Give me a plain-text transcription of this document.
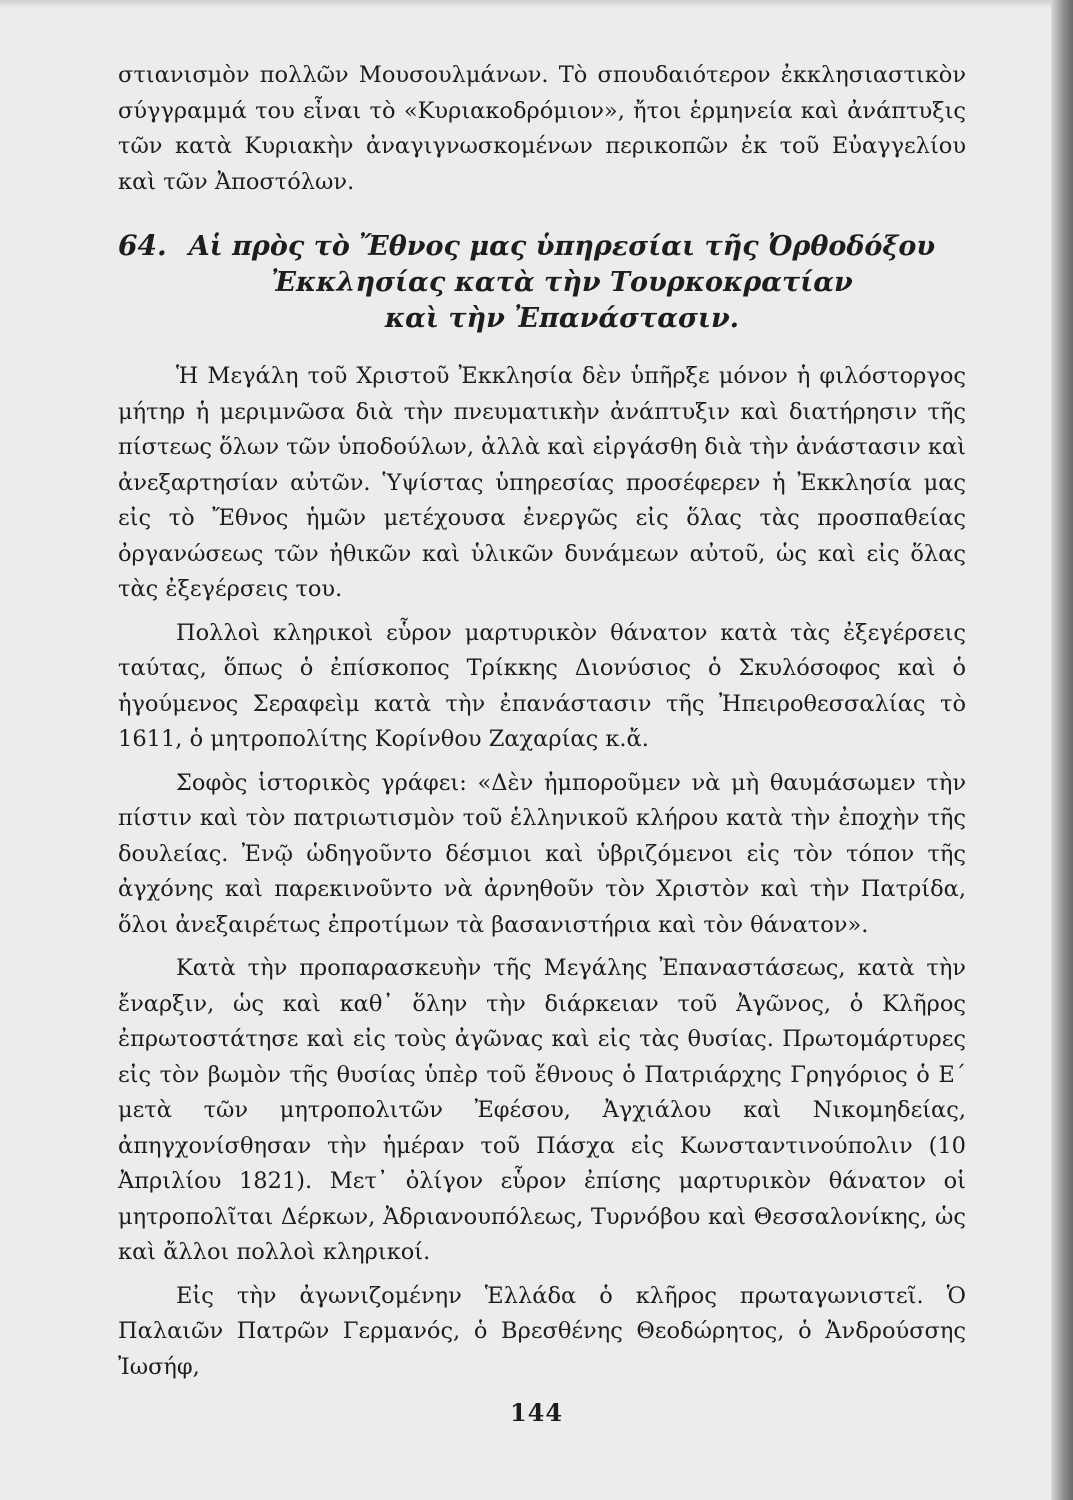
στιανισμὸν πολλῶν Μουσουλμάνων. Τὸ σπουδαιότερον ἐκκλησιαστικὸν σύγγραμμά του εἶναι τὸ «Κυριακοδρόμιον», ἤτοι ἑρμηνεία καὶ ἀνάπτυξις τῶν κατὰ Κυριακὴν ἀναγιγνωσκομένων περικοπῶν ἐκ τοῦ Εὐαγγελίου καὶ τῶν Ἀποστόλων.

64. Αἱ πρὸς τὸ Ἔθνος μας ὑπηρεσίαι τῆς Ὀρθοδόξου
Ἐκκλησίας κατὰ τὴν Τουρκοκρατίαν
καὶ τὴν Ἐπανάστασιν.

Ἡ Μεγάλη τοῦ Χριστοῦ Ἐκκλησία δὲν ὑπῆρξε μόνον ἡ φιλόστοργος μήτηρ ἡ μεριμνῶσα διὰ τὴν πνευματικὴν ἀνάπτυξιν καὶ διατήρησιν τῆς πίστεως ὅλων τῶν ὑποδούλων, ἀλλὰ καὶ εἰργάσθη διὰ τὴν ἀνάστασιν καὶ ἀνεξαρτησίαν αὐτῶν. Ὑψίστας ὑπηρεσίας προσέφερεν ἡ Ἐκκλησία μας εἰς τὸ Ἔθνος ἡμῶν μετέχουσα ἐνεργῶς εἰς ὅλας τὰς προσπαθείας ὀργανώσεως τῶν ἠθικῶν καὶ ὑλικῶν δυνάμεων αὐτοῦ, ὡς καὶ εἰς ὅλας τὰς ἐξεγέρσεις του.

Πολλοὶ κληρικοὶ εὗρον μαρτυρικὸν θάνατον κατὰ τὰς ἐξεγέρσεις ταύτας, ὅπως ὁ ἐπίσκοπος Τρίκκης Διονύσιος ὁ Σκυλόσοφος καὶ ὁ ἡγούμενος Σεραφεὶμ κατὰ τὴν ἐπανάστασιν τῆς Ἠπειροθεσσαλίας τὸ 1611, ὁ μητροπολίτης Κορίνθου Ζαχαρίας κ.ἄ.

Σοφὸς ἱστορικὸς γράφει: «Δὲν ἠμποροῦμεν νὰ μὴ θαυμάσωμεν τὴν πίστιν καὶ τὸν πατριωτισμὸν τοῦ ἑλληνικοῦ κλήρου κατὰ τὴν ἐποχὴν τῆς δουλείας. Ἐνῷ ὡδηγοῦντο δέσμιοι καὶ ὑβριζόμενοι εἰς τὸν τόπον τῆς ἀγχόνης καὶ παρεκινοῦντο νὰ ἀρνηθοῦν τὸν Χριστὸν καὶ τὴν Πατρίδα, ὅλοι ἀνεξαιρέτως ἐπροτίμων τὰ βασανιστήρια καὶ τὸν θάνατον».

Κατὰ τὴν προπαρασκευὴν τῆς Μεγάλης Ἐπαναστάσεως, κατὰ τὴν ἔναρξιν, ὡς καὶ καθ᾽ ὅλην τὴν διάρκειαν τοῦ Ἀγῶνος, ὁ Κλῆρος ἐπρωτοστάτησε καὶ εἰς τοὺς ἀγῶνας καὶ εἰς τὰς θυσίας. Πρωτομάρτυρες εἰς τὸν βωμὸν τῆς θυσίας ὑπὲρ τοῦ ἔθνους ὁ Πατριάρχης Γρηγόριος ὁ Ε΄ μετὰ τῶν μητροπολιτῶν Ἐφέσου, Ἀγχιάλου καὶ Νικομηδείας, ἀπηγχονίσθησαν τὴν ἡμέραν τοῦ Πάσχα εἰς Κωνσταντινούπολιν (10 Ἀπριλίου 1821). Μετ᾽ ὀλίγον εὗρον ἐπίσης μαρτυρικὸν θάνατον οἱ μητροπολῖται Δέρκων, Ἀδριανουπόλεως, Τυρνόβου καὶ Θεσσαλονίκης, ὡς καὶ ἄλλοι πολλοὶ κληρικοί.

Εἰς τὴν ἀγωνιζομένην Ἑλλάδα ὁ κλῆρος πρωταγωνιστεῖ. Ὁ Παλαιῶν Πατρῶν Γερμανός, ὁ Βρεσθένης Θεοδώρητος, ὁ Ἀνδρούσσης Ἰωσήφ,

144
